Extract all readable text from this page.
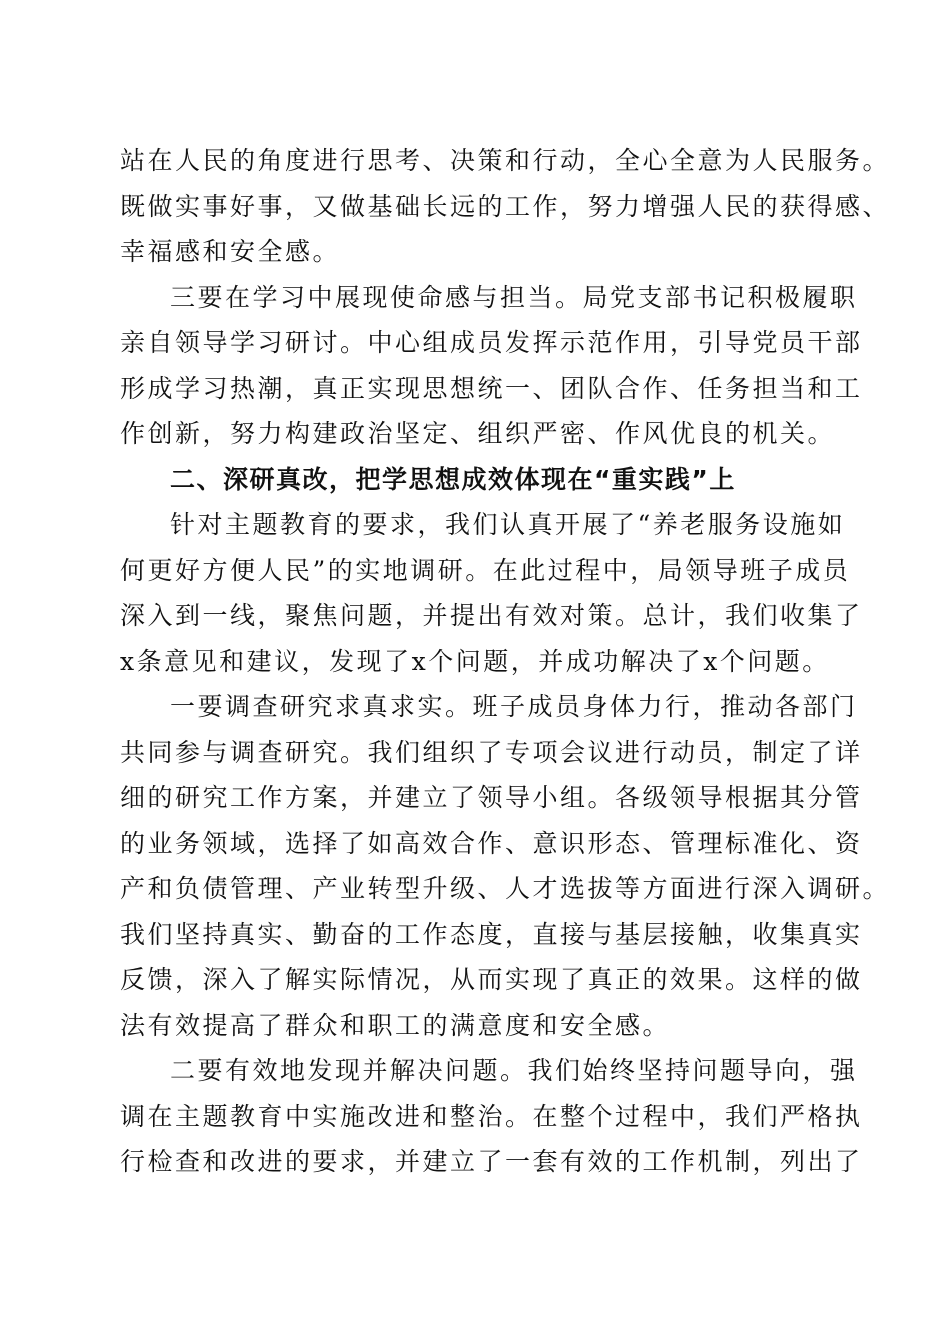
站在人民的角度进行思考、决策和行动，全心全意为人民服务。
既做实事好事，又做基础长远的工作，努力增强人民的获得感、
幸福感和安全感。
三要在学习中展现使命感与担当。局党支部书记积极履职
亲自领导学习研讨。中心组成员发挥示范作用，引导党员干部
形成学习热潮，真正实现思想统一、团队合作、任务担当和工
作创新，努力构建政治坚定、组织严密、作风优良的机关。
二、深研真改，把学思想成效体现在“重实践”上
针对主题教育的要求，我们认真开展了“养老服务设施如
何更好方便人民”的实地调研。在此过程中，局领导班子成员
深入到一线，聚焦问题，并提出有效对策。总计，我们收集了
x条意见和建议，发现了x个问题，并成功解决了x个问题。
一要调查研究求真求实。班子成员身体力行，推动各部门
共同参与调查研究。我们组织了专项会议进行动员，制定了详
细的研究工作方案，并建立了领导小组。各级领导根据其分管
的业务领域，选择了如高效合作、意识形态、管理标准化、资
产和负债管理、产业转型升级、人才选拔等方面进行深入调研。
我们坚持真实、勤奋的工作态度，直接与基层接触，收集真实
反馈，深入了解实际情况，从而实现了真正的效果。这样的做
法有效提高了群众和职工的满意度和安全感。
二要有效地发现并解决问题。我们始终坚持问题导向，强
调在主题教育中实施改进和整治。在整个过程中，我们严格执
行检查和改进的要求，并建立了一套有效的工作机制，列出了
